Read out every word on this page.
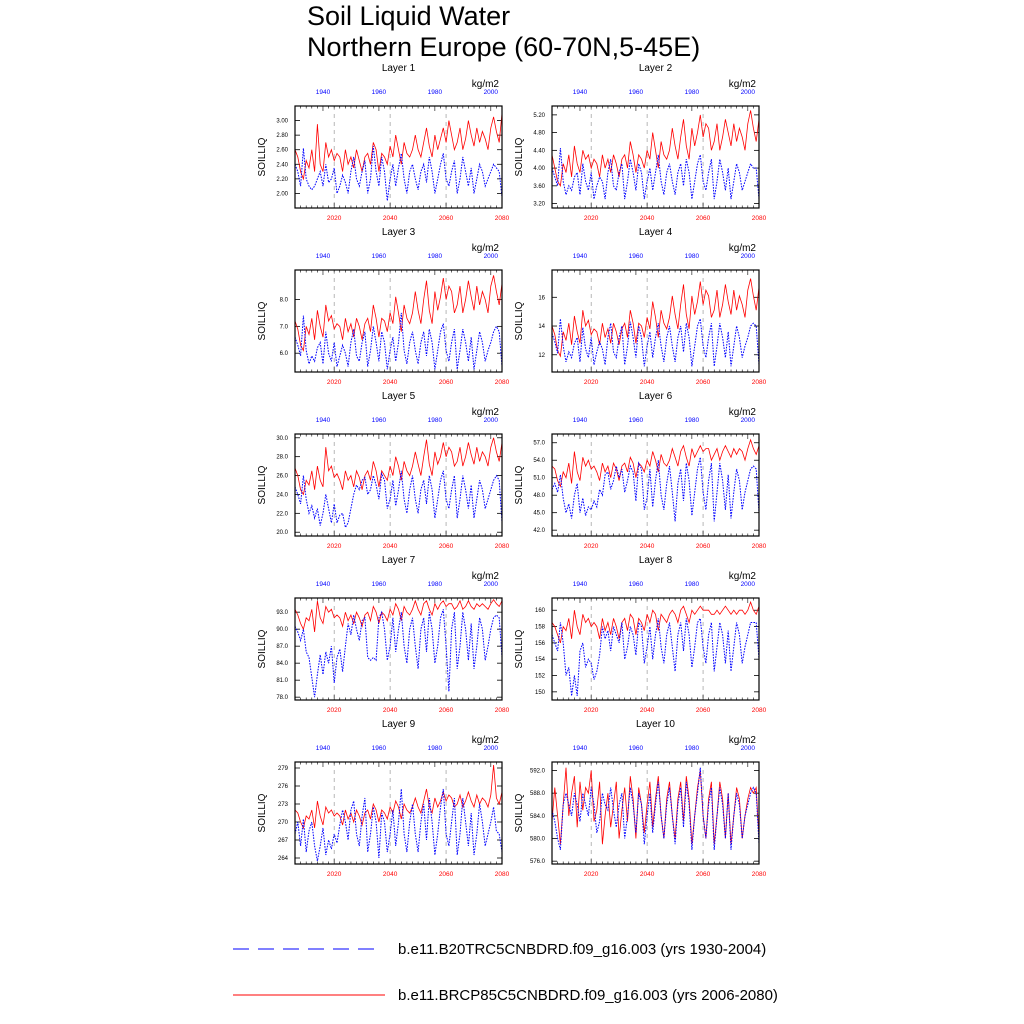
Soil Liquid Water
Northern Europe (60-70N,5-45E)
Layer 1
kg/m2
SOILLIQ
2.00
2.20
2.40
2.60
2.80
3.00
1940	1960	1980	2000
2020	2040	2060	2080
Layer 2
kg/m2
SOILLIQ
3.20
3.60
4.00
4.40
4.80
5.20
1940	1960	1980	2000
2020	2040	2060	2080
Layer 3
kg/m2
SOILLIQ
6.0
7.0
8.0
1940	1960	1980	2000
2020	2040	2060	2080
Layer 4
kg/m2
SOILLIQ
12
14
16
1940	1960	1980	2000
2020	2040	2060	2080
Layer 5
kg/m2
SOILLIQ
20.0
22.0
24.0
26.0
28.0
30.0
1940	1960	1980	2000
2020	2040	2060	2080
Layer 6
kg/m2
SOILLIQ
42.0
45.0
48.0
51.0
54.0
57.0
1940	1960	1980	2000
2020	2040	2060	2080
Layer 7
kg/m2
SOILLIQ
78.0
81.0
84.0
87.0
90.0
93.0
1940	1960	1980	2000
2020	2040	2060	2080
Layer 8
kg/m2
SOILLIQ
150
152
154
156
158
160
1940	1960	1980	2000
2020	2040	2060	2080
Layer 9
kg/m2
SOILLIQ
264
267
270
273
276
279
1940	1960	1980	2000
2020	2040	2060	2080
Layer 10
kg/m2
SOILLIQ
576.0
580.0
584.0
588.0
592.0
1940	1960	1980	2000
2020	2040	2060	2080
b.e11.B20TRC5CNBDRD.f09_g16.003 (yrs 1930-2004)
b.e11.BRCP85C5CNBDRD.f09_g16.003 (yrs 2006-2080)
